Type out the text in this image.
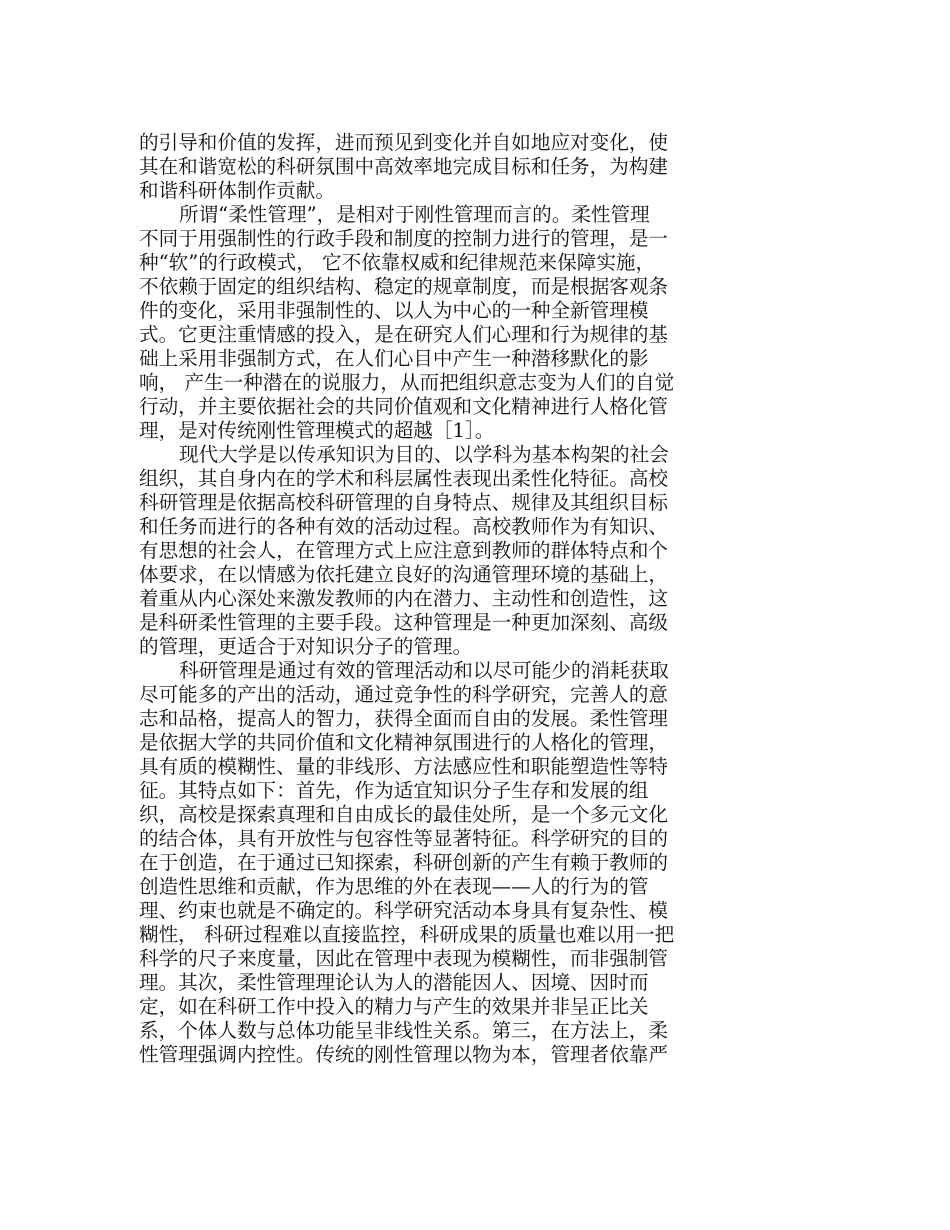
的引导和价值的发挥，进而预见到变化并自如地应对变化，使
其在和谐宽松的科研氛围中高效率地完成目标和任务，为构建
和谐科研体制作贡献。
所谓“柔性管理”，是相对于刚性管理而言的。柔性管理
不同于用强制性的行政手段和制度的控制力进行的管理，是一
种“软”的行政模式， 它不依靠权威和纪律规范来保障实施，
不依赖于固定的组织结构、稳定的规章制度，而是根据客观条
件的变化，采用非强制性的、以人为中心的一种全新管理模
式。它更注重情感的投入，是在研究人们心理和行为规律的基
础上采用非强制方式，在人们心目中产生一种潜移默化的影
响， 产生一种潜在的说服力，从而把组织意志变为人们的自觉
行动，并主要依据社会的共同价值观和文化精神进行人格化管
理，是对传统刚性管理模式的超越［1］。
现代大学是以传承知识为目的、以学科为基本构架的社会
组织，其自身内在的学术和科层属性表现出柔性化特征。高校
科研管理是依据高校科研管理的自身特点、规律及其组织目标
和任务而进行的各种有效的活动过程。高校教师作为有知识、
有思想的社会人，在管理方式上应注意到教师的群体特点和个
体要求，在以情感为依托建立良好的沟通管理环境的基础上，
着重从内心深处来激发教师的内在潜力、主动性和创造性，这
是科研柔性管理的主要手段。这种管理是一种更加深刻、高级
的管理，更适合于对知识分子的管理。
科研管理是通过有效的管理活动和以尽可能少的消耗获取
尽可能多的产出的活动，通过竞争性的科学研究，完善人的意
志和品格，提高人的智力，获得全面而自由的发展。柔性管理
是依据大学的共同价值和文化精神氛围进行的人格化的管理，
具有质的模糊性、量的非线形、方法感应性和职能塑造性等特
征。其特点如下：首先，作为适宜知识分子生存和发展的组
织，高校是探索真理和自由成长的最佳处所，是一个多元文化
的结合体，具有开放性与包容性等显著特征。科学研究的目的
在于创造，在于通过已知探索，科研创新的产生有赖于教师的
创造性思维和贡献，作为思维的外在表现——人的行为的管
理、约束也就是不确定的。科学研究活动本身具有复杂性、模
糊性， 科研过程难以直接监控，科研成果的质量也难以用一把
科学的尺子来度量，因此在管理中表现为模糊性，而非强制管
理。其次，柔性管理理论认为人的潜能因人、因境、因时而
定，如在科研工作中投入的精力与产生的效果并非呈正比关
系，个体人数与总体功能呈非线性关系。第三，在方法上，柔
性管理强调内控性。传统的刚性管理以物为本，管理者依靠严
